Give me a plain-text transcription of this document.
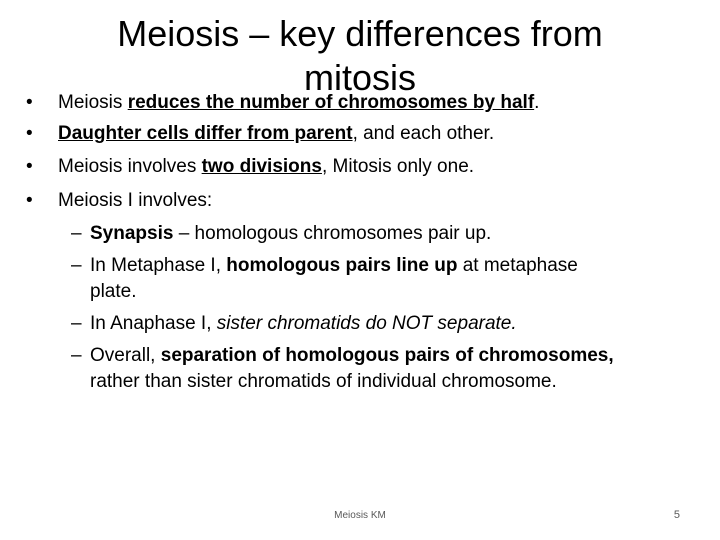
Meiosis – key differences from
mitosis
• Meiosis reduces the number of chromosomes by half.
• Daughter cells differ from parent, and each other.
• Meiosis involves two divisions, Mitosis only one.
• Meiosis I involves:
– Synapsis – homologous chromosomes pair up.
– In Metaphase I, homologous pairs line up at metaphase
plate.
– In Anaphase I, sister chromatids do NOT separate.
– Overall, separation of homologous pairs of chromosomes,
rather than sister chromatids of individual chromosome.
Meiosis KM	5
